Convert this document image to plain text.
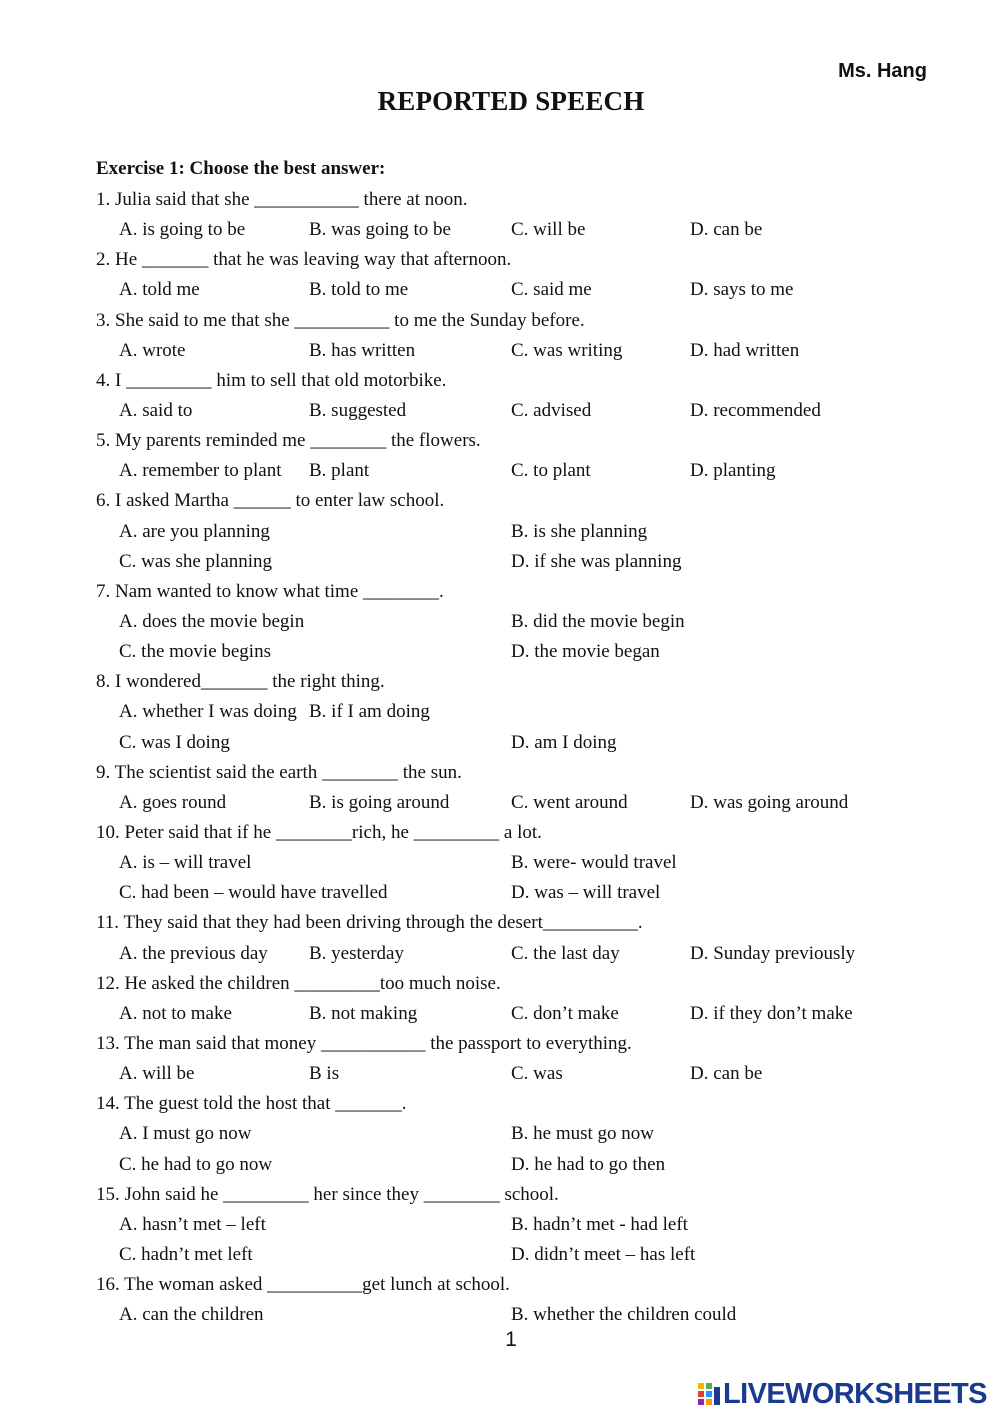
Ms. Hang
REPORTED SPEECH
Exercise 1: Choose the best answer:
1. Julia said that she ___________ there at noon.
A. is going to be	B. was going to be	C. will be	D. can be
2. He _______ that he was leaving way that afternoon.
A. told me	B. told to me	C. said me	D. says to me
3. She said to me that she __________ to me the Sunday before.
A. wrote	B. has written	C. was writing	D. had written
4. I _________ him to sell that old motorbike.
A. said to	B. suggested	C. advised	D. recommended
5. My parents reminded me ________ the flowers.
A. remember to plant B. plant	C. to plant	D. planting
6. I asked Martha ______ to enter law school.
A. are you planning	B. is she planning
C. was she planning	D. if she was planning
7. Nam wanted to know what time ________.
A. does the movie begin	B. did the movie begin
C. the movie begins	D. the movie began
8. I wondered_______ the right thing.
A. whether I was doing B. if I am doing
C. was I doing	D. am I doing
9. The scientist said the earth ________ the sun.
A. goes round	B. is going around	C. went around	D. was going around
10. Peter said that if he ________rich, he _________ a lot.
A. is – will travel	B. were- would travel
C. had been – would have travelled	D. was – will travel
11. They said that they had been driving through the desert__________.
A. the previous day B. yesterday	C. the last day	D. Sunday previously
12. He asked the children _________too much noise.
A. not to make	B. not making	C. don’t make	D. if they don’t make
13. The man said that money ___________ the passport to everything.
A. will be	B is	C. was	D. can be
14. The guest told the host that _______.
A. I must go now	B. he must go now
C. he had to go now	D. he had to go then
15. John said he _________ her since they ________ school.
A. hasn’t met – left	B. hadn’t met - had left
C. hadn’t met left	D. didn’t meet – has left
16. The woman asked __________get lunch at school.
A. can the children	B. whether the children could
1
LIVEWORKSHEETS
